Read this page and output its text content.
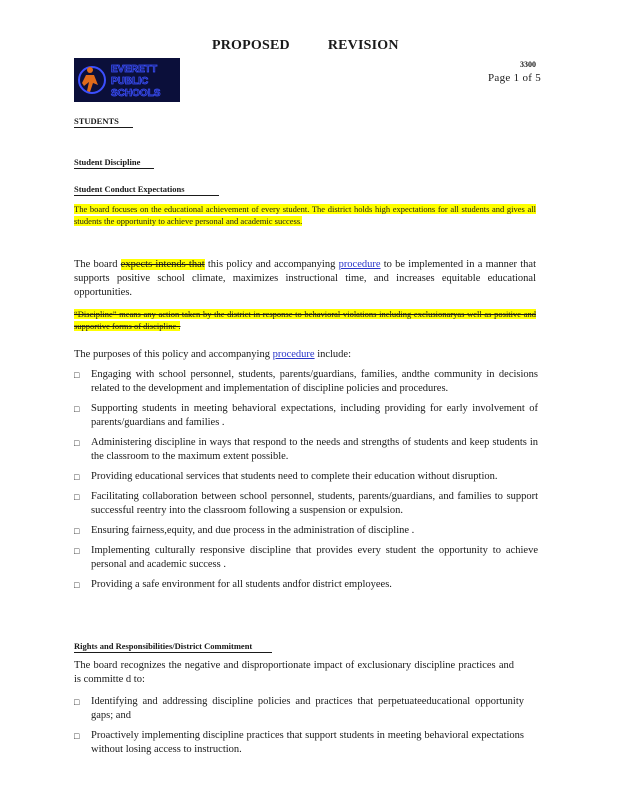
PROPOSED	REVISION
EVERETT
PUBLIC
SCHOOLS
3300
Page 1 of 5
STUDENTS
Student Discipline
Student Conduct Expectations
The board focuses on the educational achievement of every student. The district holds high expectations for all students and gives all students the opportunity to achieve personal and academic success.
The board expects intends that this policy and accompanying procedure to be implemented in a manner that supports positive school climate, maximizes instructional time, and increases equitable educational opportunities.
“Discipline” means any action taken by the district in response to behavioral violations including exclusionaryas well as positive and supportive forms of discipline .
The purposes of this policy and accompanying procedure include:
□ Engaging with school personnel, students, parents/guardians, families, andthe community in decisions related to the development and implementation of discipline policies and procedures.
□ Supporting students in meeting behavioral expectations, including providing for early involvement of parents/guardians and families .
□ Administering discipline in ways that respond to the needs and strengths of students and keep students in the classroom to the maximum extent possible.
□ Providing educational services that students need to complete their education without disruption.
□ Facilitating collaboration between school personnel, students, parents/guardians, and families to support successful reentry into the classroom following a suspension or expulsion.
□ Ensuring fairness,equity, and due process in the administration of discipline .
□ Implementing culturally responsive discipline that provides every student the opportunity to achieve personal and academic success .
□ Providing a safe environment for all students andfor district employees.
Rights and Responsibilities/District Commitment
The board recognizes the negative and disproportionate impact of exclusionary discipline practices and is committe d to:
□ Identifying and addressing discipline policies and practices that perpetuateeducational opportunity gaps; and
□ Proactively implementing discipline practices that support students in meeting behavioral expectations without losing access to instruction.
